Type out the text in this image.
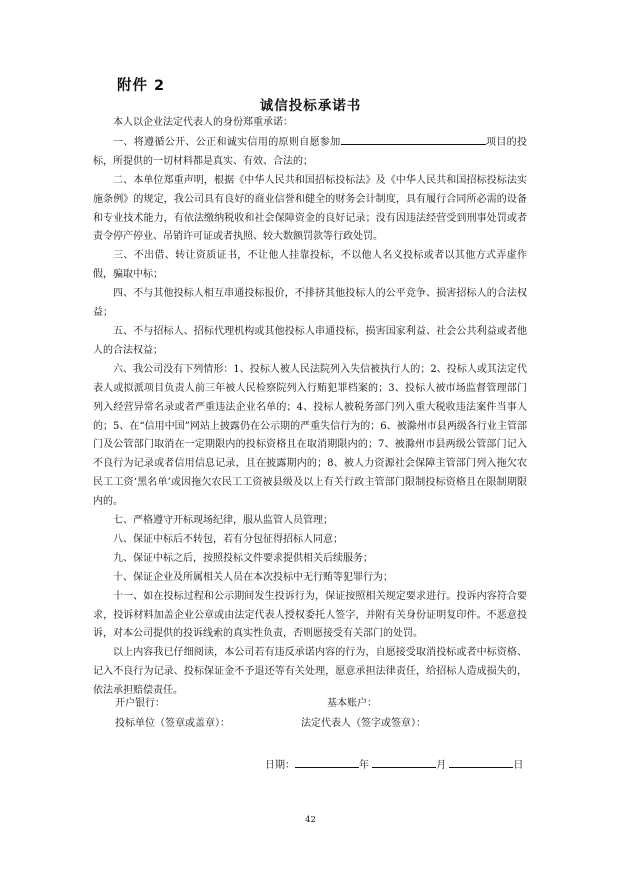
附件 2
诚信投标承诺书

本人以企业法定代表人的身份郑重承诺：

一、将遵循公开、公正和诚实信用的原则自愿参加	项目的投标，所提供的一切材料都是真实、有效、合法的；

二、本单位郑重声明，根据《中华人民共和国招标投标法》及《中华人民共和国招标投标法实施条例》的规定，我公司具有良好的商业信誉和健全的财务会计制度，具有履行合同所必需的设备和专业技术能力，有依法缴纳税收和社会保障资金的良好记录；没有因违法经营受到刑事处罚或者责令停产停业、吊销许可证或者执照、较大数额罚款等行政处罚。

三、不出借、转让资质证书，不让他人挂靠投标，不以他人名义投标或者以其他方式弄虚作假，骗取中标；

四、不与其他投标人相互串通投标报价，不排挤其他投标人的公平竞争、损害招标人的合法权益；

五、不与招标人、招标代理机构或其他投标人串通投标，损害国家利益、社会公共利益或者他人的合法权益；

六、我公司没有下列情形：1、投标人被人民法院列入失信被执行人的；2、投标人或其法定代表人或拟派项目负责人前三年被人民检察院列入行贿犯罪档案的；3、投标人被市场监督管理部门列入经营异常名录或者严重违法企业名单的；4、投标人被税务部门列入重大税收违法案件当事人的；5、在“信用中国”网站上披露仍在公示期的严重失信行为的；6、被滁州市县两级各行业主管部门及公管部门取消在一定期限内的投标资格且在取消期限内的；7、被滁州市县两级公管部门记入不良行为记录或者信用信息记录，且在披露期内的；8、被人力资源社会保障主管部门列入拖欠农民工工资‘黑名单’或因拖欠农民工工资被县级及以上有关行政主管部门限制投标资格且在限制期限内的。

七、严格遵守开标现场纪律，服从监管人员管理；

八、保证中标后不转包，若有分包征得招标人同意；

九、保证中标之后，按照投标文件要求提供相关后续服务；

十、保证企业及所属相关人员在本次投标中无行贿等犯罪行为；

十一、如在投标过程和公示期间发生投诉行为，保证按照相关规定要求进行。投诉内容符合要求，投诉材料加盖企业公章或由法定代表人授权委托人签字，并附有关身份证明复印件。不恶意投诉，对本公司提供的投诉线索的真实性负责，否则愿接受有关部门的处罚。

以上内容我已仔细阅读，本公司若有违反承诺内容的行为，自愿接受取消投标或者中标资格、记入不良行为记录、投标保证金不予退还等有关处理，愿意承担法律责任，给招标人造成损失的，依法承担赔偿责任。

开户银行：	基本账户：
投标单位（签章或盖章）：	法定代表人（签字或签章）：
日期：	年	月	日
42
